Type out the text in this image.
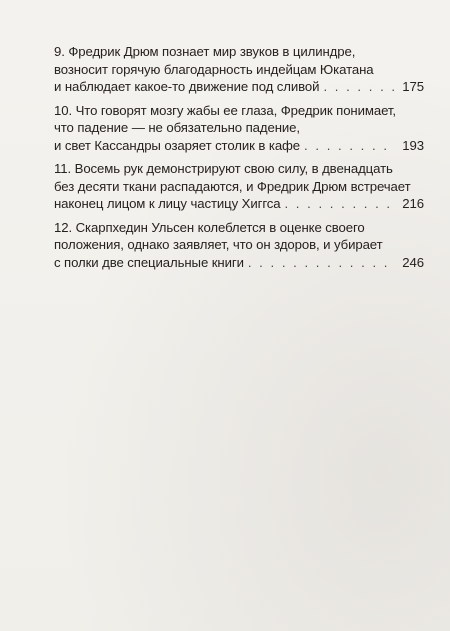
9. Фредрик Дрюм познает мир звуков в цилиндре,
возносит горячую благодарность индейцам Юкатана
и наблюдает какое-то движение под сливой . . .	175
10. Что говорят мозгу жабы ее глаза, Фредрик понимает,
что падение — не обязательно падение,
и свет Кассандры озаряет столик в кафе . . .	193
11. Восемь рук демонстрируют свою силу, в двенадцать
без десяти ткани распадаются, и Фредрик Дрюм встречает
наконец лицом к лицу частицу Хиггса . . .	216
12. Скарпхедин Ульсен колеблется в оценке своего
положения, однако заявляет, что он здоров, и убирает
с полки две специальные книги . . .	246
